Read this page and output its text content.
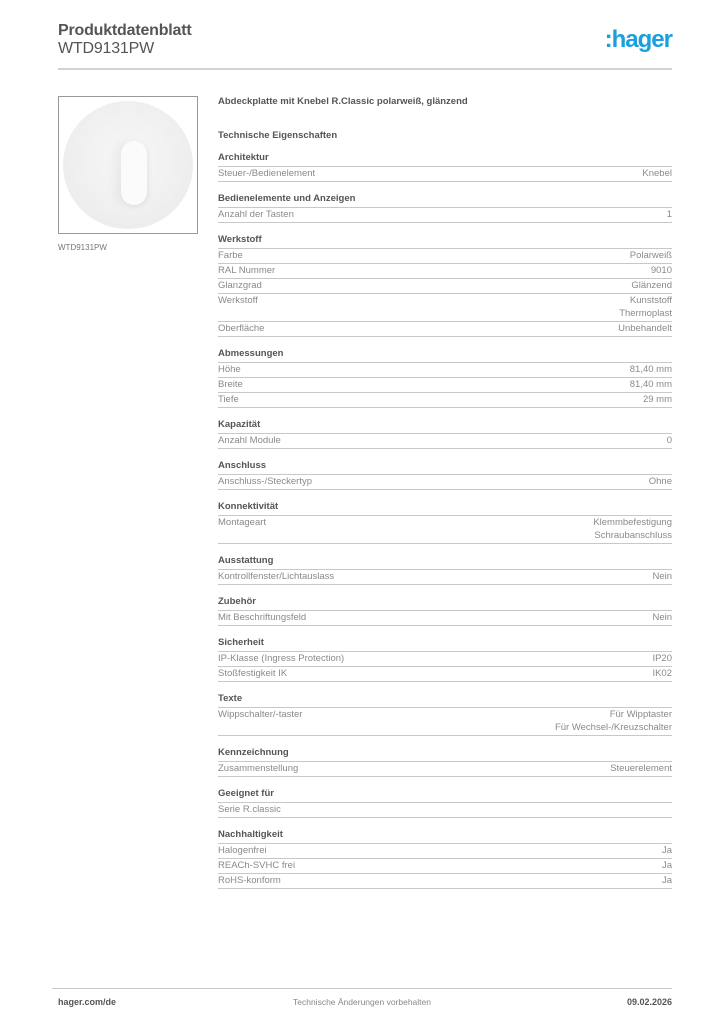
Produktdatenblatt
WTD9131PW	:hager
WTD9131PW
Abdeckplatte mit Knebel R.Classic polarweiß, glänzend
Technische Eigenschaften
Architektur
Steuer-/Bedienelement	Knebel
Bedienelemente und Anzeigen
Anzahl der Tasten	1
Werkstoff
Farbe	Polarweiß
RAL Nummer	9010
Glanzgrad	Glänzend
Werkstoff	Kunststoff
Thermoplast
Oberfläche	Unbehandelt
Abmessungen
Höhe	81,40 mm
Breite	81,40 mm
Tiefe	29 mm
Kapazität
Anzahl Module	0
Anschluss
Anschluss-/Steckertyp	Ohne
Konnektivität
Montageart	Klemmbefestigung
Schraubanschluss
Ausstattung
Kontrollfenster/Lichtauslass	Nein
Zubehör
Mit Beschriftungsfeld	Nein
Sicherheit
IP-Klasse (Ingress Protection)	IP20
Stoßfestigkeit IK	IK02
Texte
Wippschalter/-taster	Für Wipptaster
Für Wechsel-/Kreuzschalter
Kennzeichnung
Zusammenstellung	Steuerelement
Geeignet für
Serie R.classic
Nachhaltigkeit
Halogenfrei	Ja
REACh-SVHC frei	Ja
RoHS-konform	Ja
hager.com/de	Technische Änderungen vorbehalten	09.02.2026
